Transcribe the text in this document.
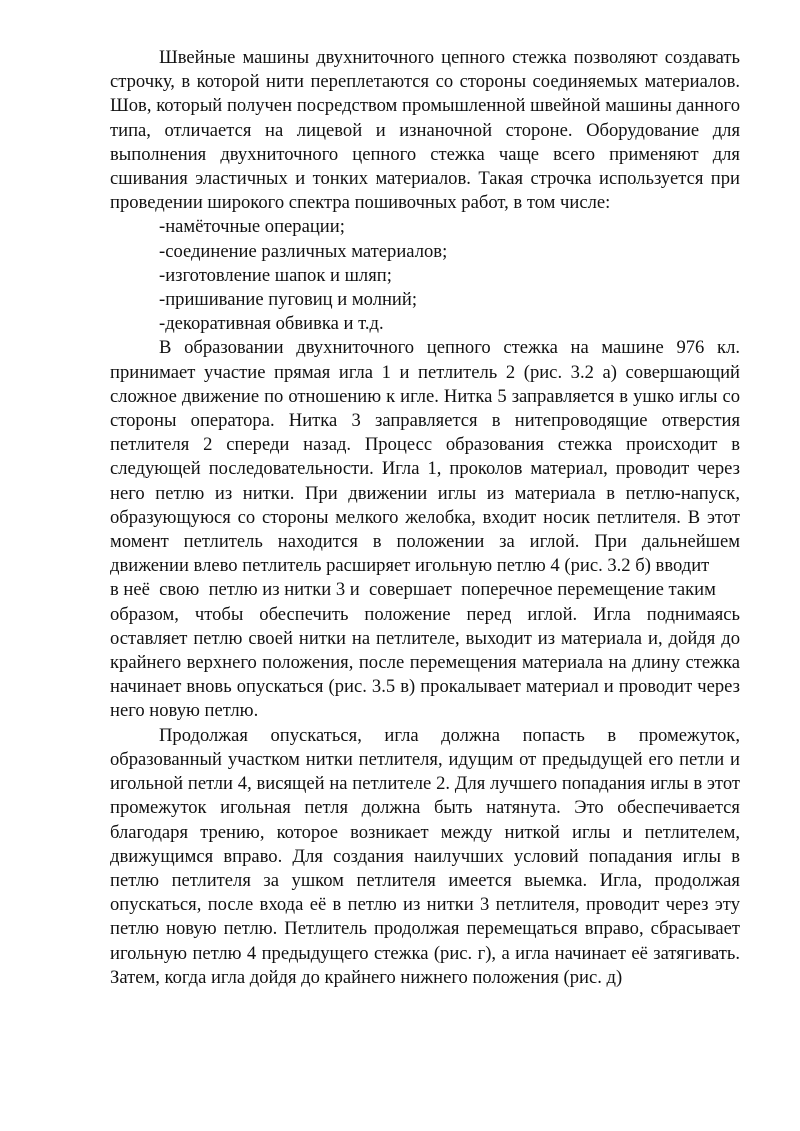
Швейные машины двухниточного цепного стежка позволяют создавать строчку, в которой нити переплетаются со стороны соединяемых материалов. Шов, который получен посредством промышленной швейной машины данного типа, отличается на лицевой и изнаночной стороне. Оборудование для выполнения двухниточного цепного стежка чаще всего применяют для сшивания эластичных и тонких материалов. Такая строчка используется при проведении широкого спектра пошивочных работ, в том числе:

-намёточные операции;
-соединение различных материалов;
-изготовление шапок и шляп;
-пришивание пуговиц и молний;
-декоративная обвивка и т.д.

В образовании двухниточного цепного стежка на машине 976 кл. принимает участие прямая игла 1 и петлитель 2 (рис. 3.2 а) совершающий сложное движение по отношению к игле. Нитка 5 заправляется в ушко иглы со стороны оператора. Нитка 3 заправляется в нитепроводящие отверстия петлителя 2 спереди назад. Процесс образования стежка происходит в следующей последовательности. Игла 1, проколов материал, проводит через него петлю из нитки. При движении иглы из материала в петлю-напуск, образующуюся со стороны мелкого желобка, входит носик петлителя. В этот момент петлитель находится в положении за иглой. При дальнейшем движении влево петлитель расширяет игольную петлю 4 (рис. 3.2 б) вводит

в неё  свою  петлю из нитки 3 и  совершает  поперечное перемещение таким

образом, чтобы обеспечить положение перед иглой. Игла поднимаясь оставляет петлю своей нитки на петлителе, выходит из материала и, дойдя до крайнего верхнего положения, после перемещения материала на длину стежка начинает вновь опускаться (рис. 3.5 в) прокалывает материал и проводит через него новую петлю.

Продолжая опускаться, игла должна попасть в промежуток, образованный участком нитки петлителя, идущим от предыдущей его петли и игольной петли 4, висящей на петлителе 2. Для лучшего попадания иглы в этот промежуток игольная петля должна быть натянута. Это обеспечивается благодаря трению, которое возникает между ниткой иглы и петлителем, движущимся вправо. Для создания наилучших условий попадания иглы в петлю петлителя за ушком петлителя имеется выемка. Игла, продолжая опускаться, после входа её в петлю из нитки 3 петлителя, проводит через эту петлю новую петлю. Петлитель продолжая перемещаться вправо, сбрасывает игольную петлю 4 предыдущего стежка (рис. г), а игла начинает её затягивать. Затем, когда игла дойдя до крайнего нижнего положения (рис. д)
